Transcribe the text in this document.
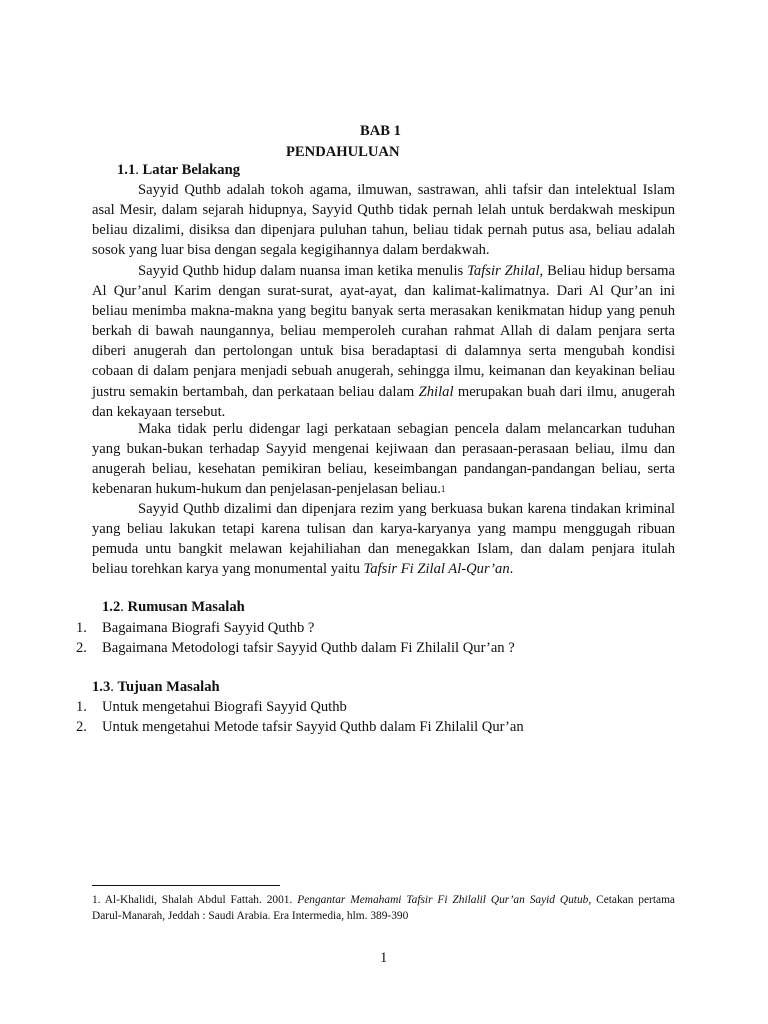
BAB 1

PENDAHULUAN

1.1. Latar Belakang

Sayyid Quthb adalah tokoh agama, ilmuwan, sastrawan, ahli tafsir dan intelektual Islam asal Mesir, dalam sejarah hidupnya, Sayyid Quthb tidak pernah lelah untuk berdakwah meskipun beliau dizalimi, disiksa dan dipenjara puluhan tahun, beliau tidak pernah putus asa, beliau adalah sosok yang luar bisa dengan segala kegigihannya dalam berdakwah.

Sayyid Quthb hidup dalam nuansa iman ketika menulis Tafsir Zhilal, Beliau hidup bersama Al Qur’anul Karim dengan surat-surat, ayat-ayat, dan kalimat-kalimatnya. Dari Al Qur’an ini beliau menimba makna-makna yang begitu banyak serta merasakan kenikmatan hidup yang penuh berkah di bawah naungannya, beliau memperoleh curahan rahmat Allah di dalam penjara serta diberi anugerah dan pertolongan untuk bisa beradaptasi di dalamnya serta mengubah kondisi cobaan di dalam penjara menjadi sebuah anugerah, sehingga ilmu, keimanan dan keyakinan beliau justru semakin bertambah, dan perkataan beliau dalam Zhilal merupakan buah dari ilmu, anugerah dan kekayaan tersebut.

Maka tidak perlu didengar lagi perkataan sebagian pencela dalam melancarkan tuduhan yang bukan-bukan terhadap Sayyid mengenai kejiwaan dan perasaan-perasaan beliau, ilmu dan anugerah beliau, kesehatan pemikiran beliau, keseimbangan pandangan-pandangan beliau, serta kebenaran hukum-hukum dan penjelasan-penjelasan beliau.$^1$

Sayyid Quthb dizalimi dan dipenjara rezim yang berkuasa bukan karena tindakan kriminal yang beliau lakukan tetapi karena tulisan dan karya-karyanya yang mampu menggugah ribuan pemuda untu bangkit melawan kejahiliahan dan menegakkan Islam, dan dalam penjara itulah beliau torehkan karya yang monumental yaitu Tafsir Fi Zilal Al-Qur’an.

1.2. Rumusan Masalah

1. Bagaimana Biografi Sayyid Quthb ?
2. Bagaimana Metodologi tafsir Sayyid Quthb dalam Fi Zhilalil Qur’an ?

1.3. Tujuan Masalah

1. Untuk mengetahui Biografi Sayyid Quthb
2. Untuk mengetahui Metode tafsir Sayyid Quthb dalam Fi Zhilalil Qur’an

1. Al-Khalidi, Shalah Abdul Fattah. 2001. Pengantar Memahami Tafsir Fi Zhilalil Qur’an Sayid Qutub, Cetakan pertama Darul-Manarah, Jeddah : Saudi Arabia. Era Intermedia, hlm. 389-390

1
